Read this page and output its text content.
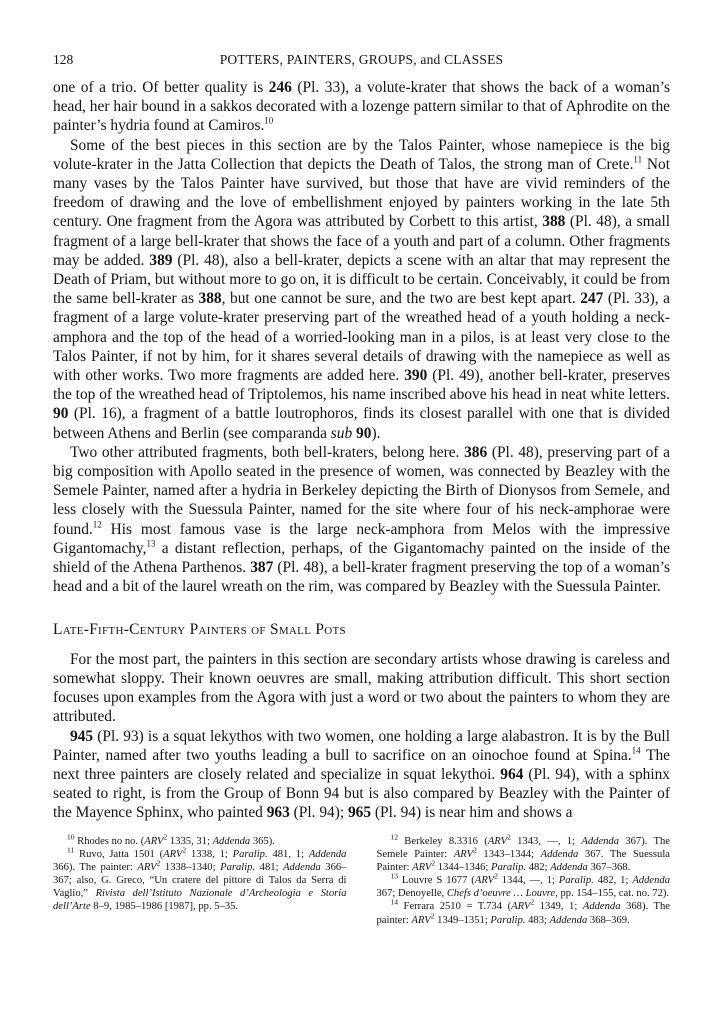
128	POTTERS, PAINTERS, GROUPS, and CLASSES

one of a trio. Of better quality is 246 (Pl. 33), a volute-krater that shows the back of a woman’s head, her hair bound in a sakkos decorated with a lozenge pattern similar to that of Aphrodite on the painter’s hydria found at Camiros.$^{10}$

Some of the best pieces in this section are by the Talos Painter, whose namepiece is the big volute-krater in the Jatta Collection that depicts the Death of Talos, the strong man of Crete.$^{11}$ Not many vases by the Talos Painter have survived, but those that have are vivid reminders of the freedom of drawing and the love of embellishment enjoyed by painters working in the late 5th century. One fragment from the Agora was attributed by Corbett to this artist, 388 (Pl. 48), a small fragment of a large bell-krater that shows the face of a youth and part of a column. Other fragments may be added. 389 (Pl. 48), also a bell-krater, depicts a scene with an altar that may represent the Death of Priam, but without more to go on, it is difficult to be certain. Conceivably, it could be from the same bell-krater as 388, but one cannot be sure, and the two are best kept apart. 247 (Pl. 33), a fragment of a large volute-krater preserving part of the wreathed head of a youth holding a neck-amphora and the top of the head of a worried-looking man in a pilos, is at least very close to the Talos Painter, if not by him, for it shares several details of drawing with the namepiece as well as with other works. Two more fragments are added here. 390 (Pl. 49), another bell-krater, preserves the top of the wreathed head of Triptolemos, his name inscribed above his head in neat white letters. 90 (Pl. 16), a fragment of a battle loutrophoros, finds its closest parallel with one that is divided between Athens and Berlin (see comparanda sub 90).

Two other attributed fragments, both bell-kraters, belong here. 386 (Pl. 48), preserving part of a big composition with Apollo seated in the presence of women, was connected by Beazley with the Semele Painter, named after a hydria in Berkeley depicting the Birth of Dionysos from Semele, and less closely with the Suessula Painter, named for the site where four of his neck-amphorae were found.$^{12}$ His most famous vase is the large neck-amphora from Melos with the impressive Gigantomachy,$^{13}$ a distant reflection, perhaps, of the Gigantomachy painted on the inside of the shield of the Athena Parthenos. 387 (Pl. 48), a bell-krater fragment preserving the top of a woman’s head and a bit of the laurel wreath on the rim, was compared by Beazley with the Suessula Painter.

Late-Fifth-Century Painters of Small Pots

For the most part, the painters in this section are secondary artists whose drawing is careless and somewhat sloppy. Their known oeuvres are small, making attribution difficult. This short section focuses upon examples from the Agora with just a word or two about the painters to whom they are attributed.

945 (Pl. 93) is a squat lekythos with two women, one holding a large alabastron. It is by the Bull Painter, named after two youths leading a bull to sacrifice on an oinochoe found at Spina.$^{14}$ The next three painters are closely related and specialize in squat lekythoi. 964 (Pl. 94), with a sphinx seated to right, is from the Group of Bonn 94 but is also compared by Beazley with the Painter of the Mayence Sphinx, who painted 963 (Pl. 94); 965 (Pl. 94) is near him and shows a

$^{10}$ Rhodes no no. (ARV$^2$ 1335, 31; Addenda 365).

$^{11}$ Ruvo, Jatta 1501 (ARV$^2$ 1338, 1; Paralip. 481, 1; Addenda 366). The painter: ARV$^2$ 1338–1340; Paralip. 481; Addenda 366–367; also, G. Greco, “Un cratere del pittore di Talos da Serra di Vaglio,” Rivista dell’Istituto Nazionale d’Archeologia e Storia dell’Arte 8–9, 1985–1986 [1987], pp. 5–35.

$^{12}$ Berkeley 8.3316 (ARV$^2$ 1343, —, 1; Addenda 367). The Semele Painter: ARV$^2$ 1343–1344; Addenda 367. The Suessula Painter: ARV$^2$ 1344–1346; Paralip. 482; Addenda 367–368.

$^{13}$ Louvre S 1677 (ARV$^2$ 1344, —, 1; Paralip. 482, 1; Addenda 367; Denoyelle, Chefs d’oeuvre … Louvre, pp. 154–155, cat. no. 72).

$^{14}$ Ferrara 2510 = T.734 (ARV$^2$ 1349, 1; Addenda 368). The painter: ARV$^2$ 1349–1351; Paralip. 483; Addenda 368–369.
